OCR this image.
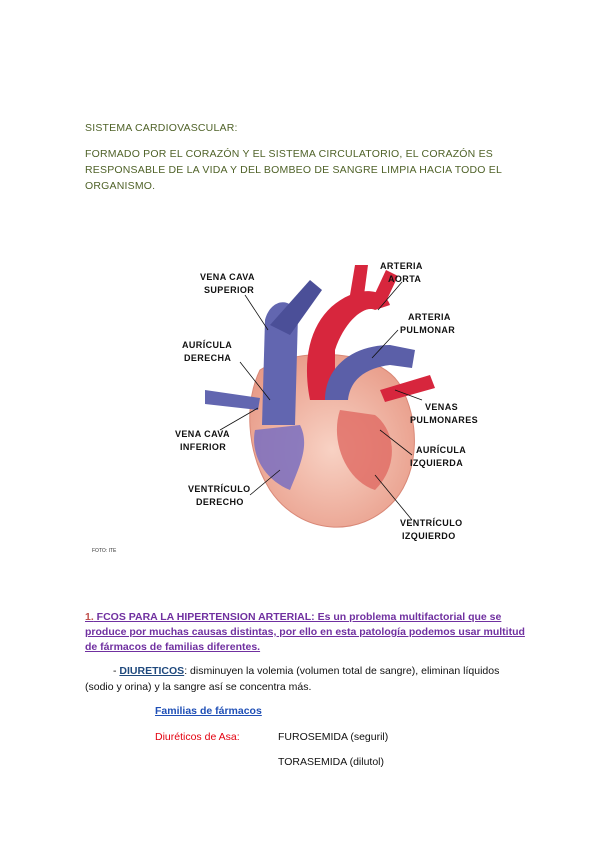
SISTEMA CARDIOVASCULAR:

FORMADO POR EL CORAZÓN Y EL SISTEMA CIRCULATORIO, EL CORAZÓN ES RESPONSABLE DE LA VIDA Y DEL BOMBEO DE SANGRE LIMPIA HACIA TODO EL ORGANISMO.

VENA CAVA
SUPERIOR
ARTERIA
AORTA
ARTERIA
PULMONAR
AURÍCULA
DERECHA
VENAS
PULMONARES
VENA CAVA
INFERIOR	AURÍCULA
IZQUIERDA
VENTRÍCULO
DERECHO
VENTRÍCULO
IZQUIERDO
FOTO: ITE

1. FCOS PARA LA HIPERTENSION ARTERIAL: Es un problema multifactorial que se produce por muchas causas distintas, por ello en esta patología podemos usar multitud de fármacos de familias diferentes.

- DIURETICOS: disminuyen la volemia (volumen total de sangre), eliminan líquidos (sodio y orina) y la sangre así se concentra más.

Familias de fármacos
Diuréticos de Asa:	FUROSEMIDA (seguril)
TORASEMIDA (dilutol)
